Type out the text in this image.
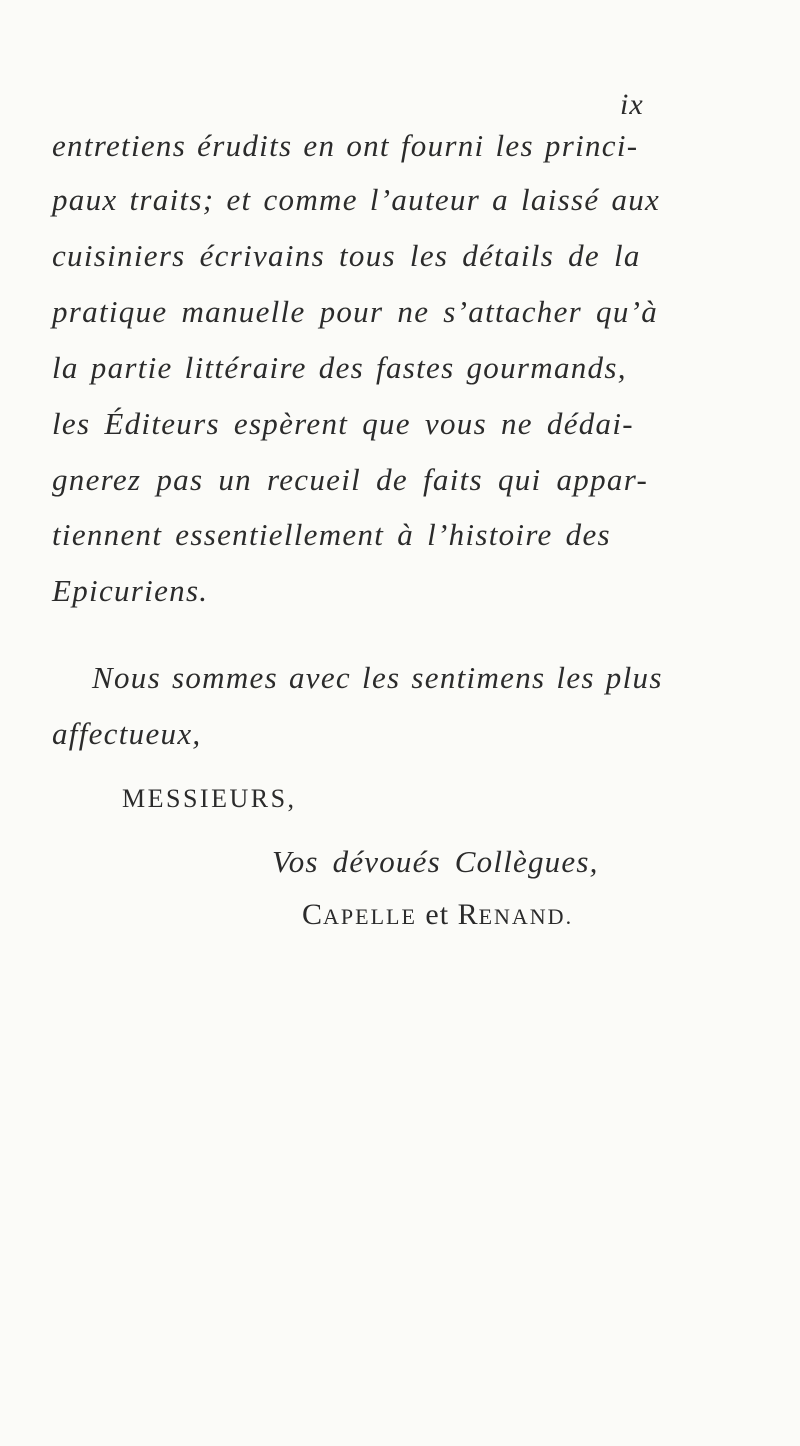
ix
entretiens érudits en ont fourni les princi-
paux traits; et comme l’auteur a laissé aux
cuisiniers écrivains tous les détails de la
pratique manuelle pour ne s’attacher qu’à
la partie littéraire des fastes gourmands,
les Éditeurs espèrent que vous ne dédai-
gnerez pas un recueil de faits qui appar-
tiennent essentiellement à l’histoire des
Epicuriens.
Nous sommes avec les sentimens les plus
affectueux,
MESSIEURS,
Vos dévoués Collègues,
CAPELLE et RENAND.
